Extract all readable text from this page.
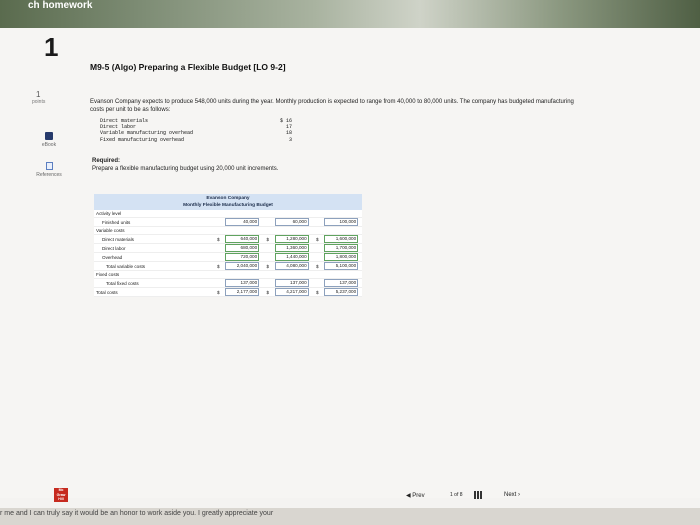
ch homework
1
1
points
eBook
References
M9-5 (Algo) Preparing a Flexible Budget [LO 9-2]
Evanson Company expects to produce 548,000 units during the year. Monthly production is expected to range from 40,000 to 80,000 units. The company has budgeted manufacturing costs per unit to be as follows:
Direct materials	$ 16
Direct labor	17
Variable manufacturing overhead	18
Fixed manufacturing overhead	3
Required:
Prepare a flexible manufacturing budget using 20,000 unit increments.
Evanson Company
Monthly Flexible Manufacturing Budget
Activity level						
Finished units		40,000		60,000		100,000
Variable costs						
Direct materials	$	640,000	$	1,280,000	$	1,600,000
Direct labor		680,000		1,360,000		1,700,000
Overhead		720,000		1,440,000		1,800,000
Total variable costs	$	2,040,000	$	4,080,000	$	5,100,000
Fixed costs						
Total fixed costs		137,000		137,000		137,000
Total costs	$	2,177,000	$	4,217,000	$	5,237,000
Mc Graw Hill	◀ Prev	1 of 8	Next ›
r me and I can truly say it would be an honor to work aside you. I greatly appreciate your
